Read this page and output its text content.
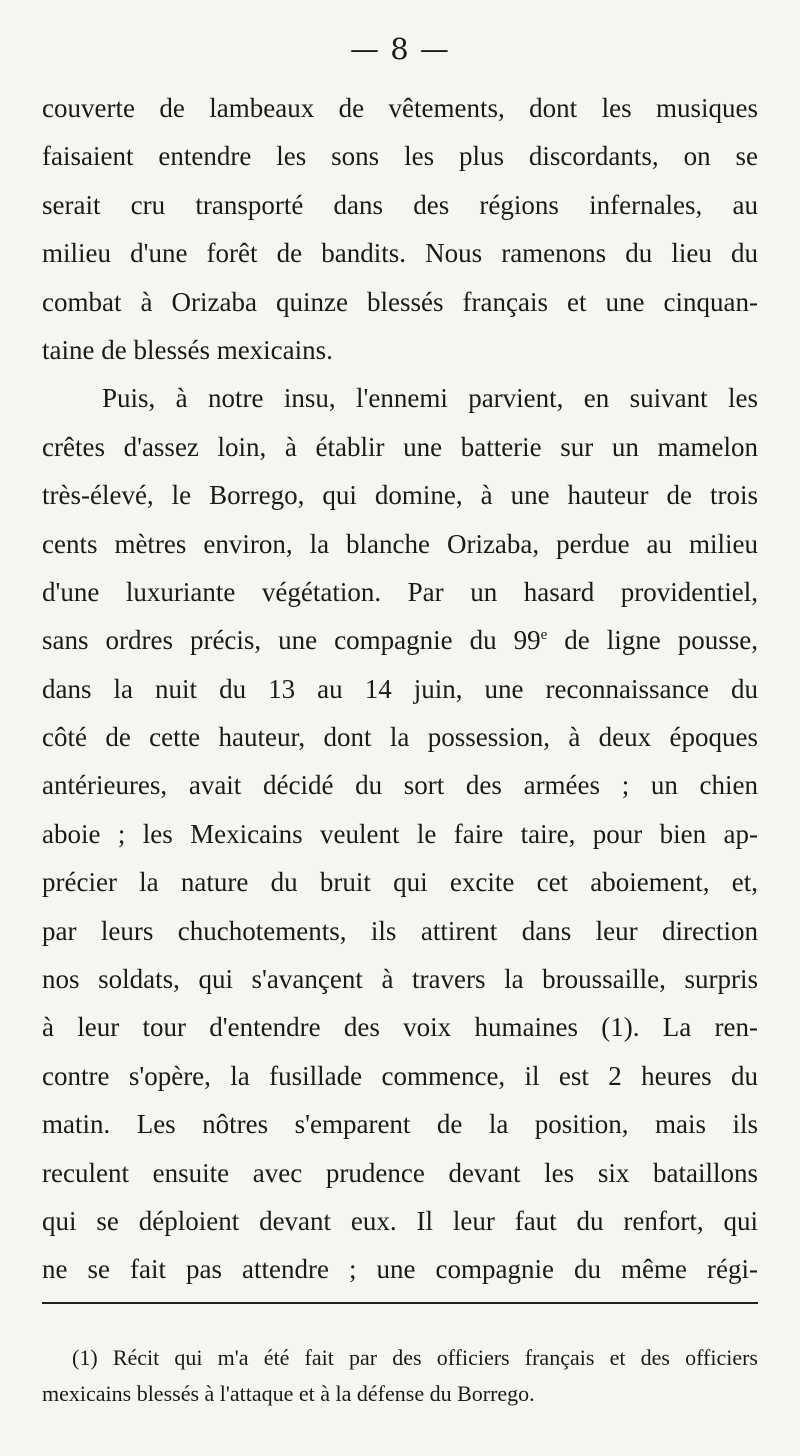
— 8 —
couverte de lambeaux de vêtements, dont les musiques
faisaient entendre les sons les plus discordants, on se
serait cru transporté dans des régions infernales, au
milieu d'une forêt de bandits. Nous ramenons du lieu du
combat à Orizaba quinze blessés français et une cinquan-
taine de blessés mexicains.
Puis, à notre insu, l'ennemi parvient, en suivant les
crêtes d'assez loin, à établir une batterie sur un mamelon
très-élevé, le Borrego, qui domine, à une hauteur de trois
cents mètres environ, la blanche Orizaba, perdue au milieu
d'une luxuriante végétation. Par un hasard providentiel,
sans ordres précis, une compagnie du 99e de ligne pousse,
dans la nuit du 13 au 14 juin, une reconnaissance du
côté de cette hauteur, dont la possession, à deux époques
antérieures, avait décidé du sort des armées ; un chien
aboie ; les Mexicains veulent le faire taire, pour bien ap-
précier la nature du bruit qui excite cet aboiement, et,
par leurs chuchotements, ils attirent dans leur direction
nos soldats, qui s'avançent à travers la broussaille, surpris
à leur tour d'entendre des voix humaines (1). La ren-
contre s'opère, la fusillade commence, il est 2 heures du
matin. Les nôtres s'emparent de la position, mais ils
reculent ensuite avec prudence devant les six bataillons
qui se déploient devant eux. Il leur faut du renfort, qui
ne se fait pas attendre ; une compagnie du même régi-
(1) Récit qui m'a été fait par des officiers français et des officiers
mexicains blessés à l'attaque et à la défense du Borrego.
